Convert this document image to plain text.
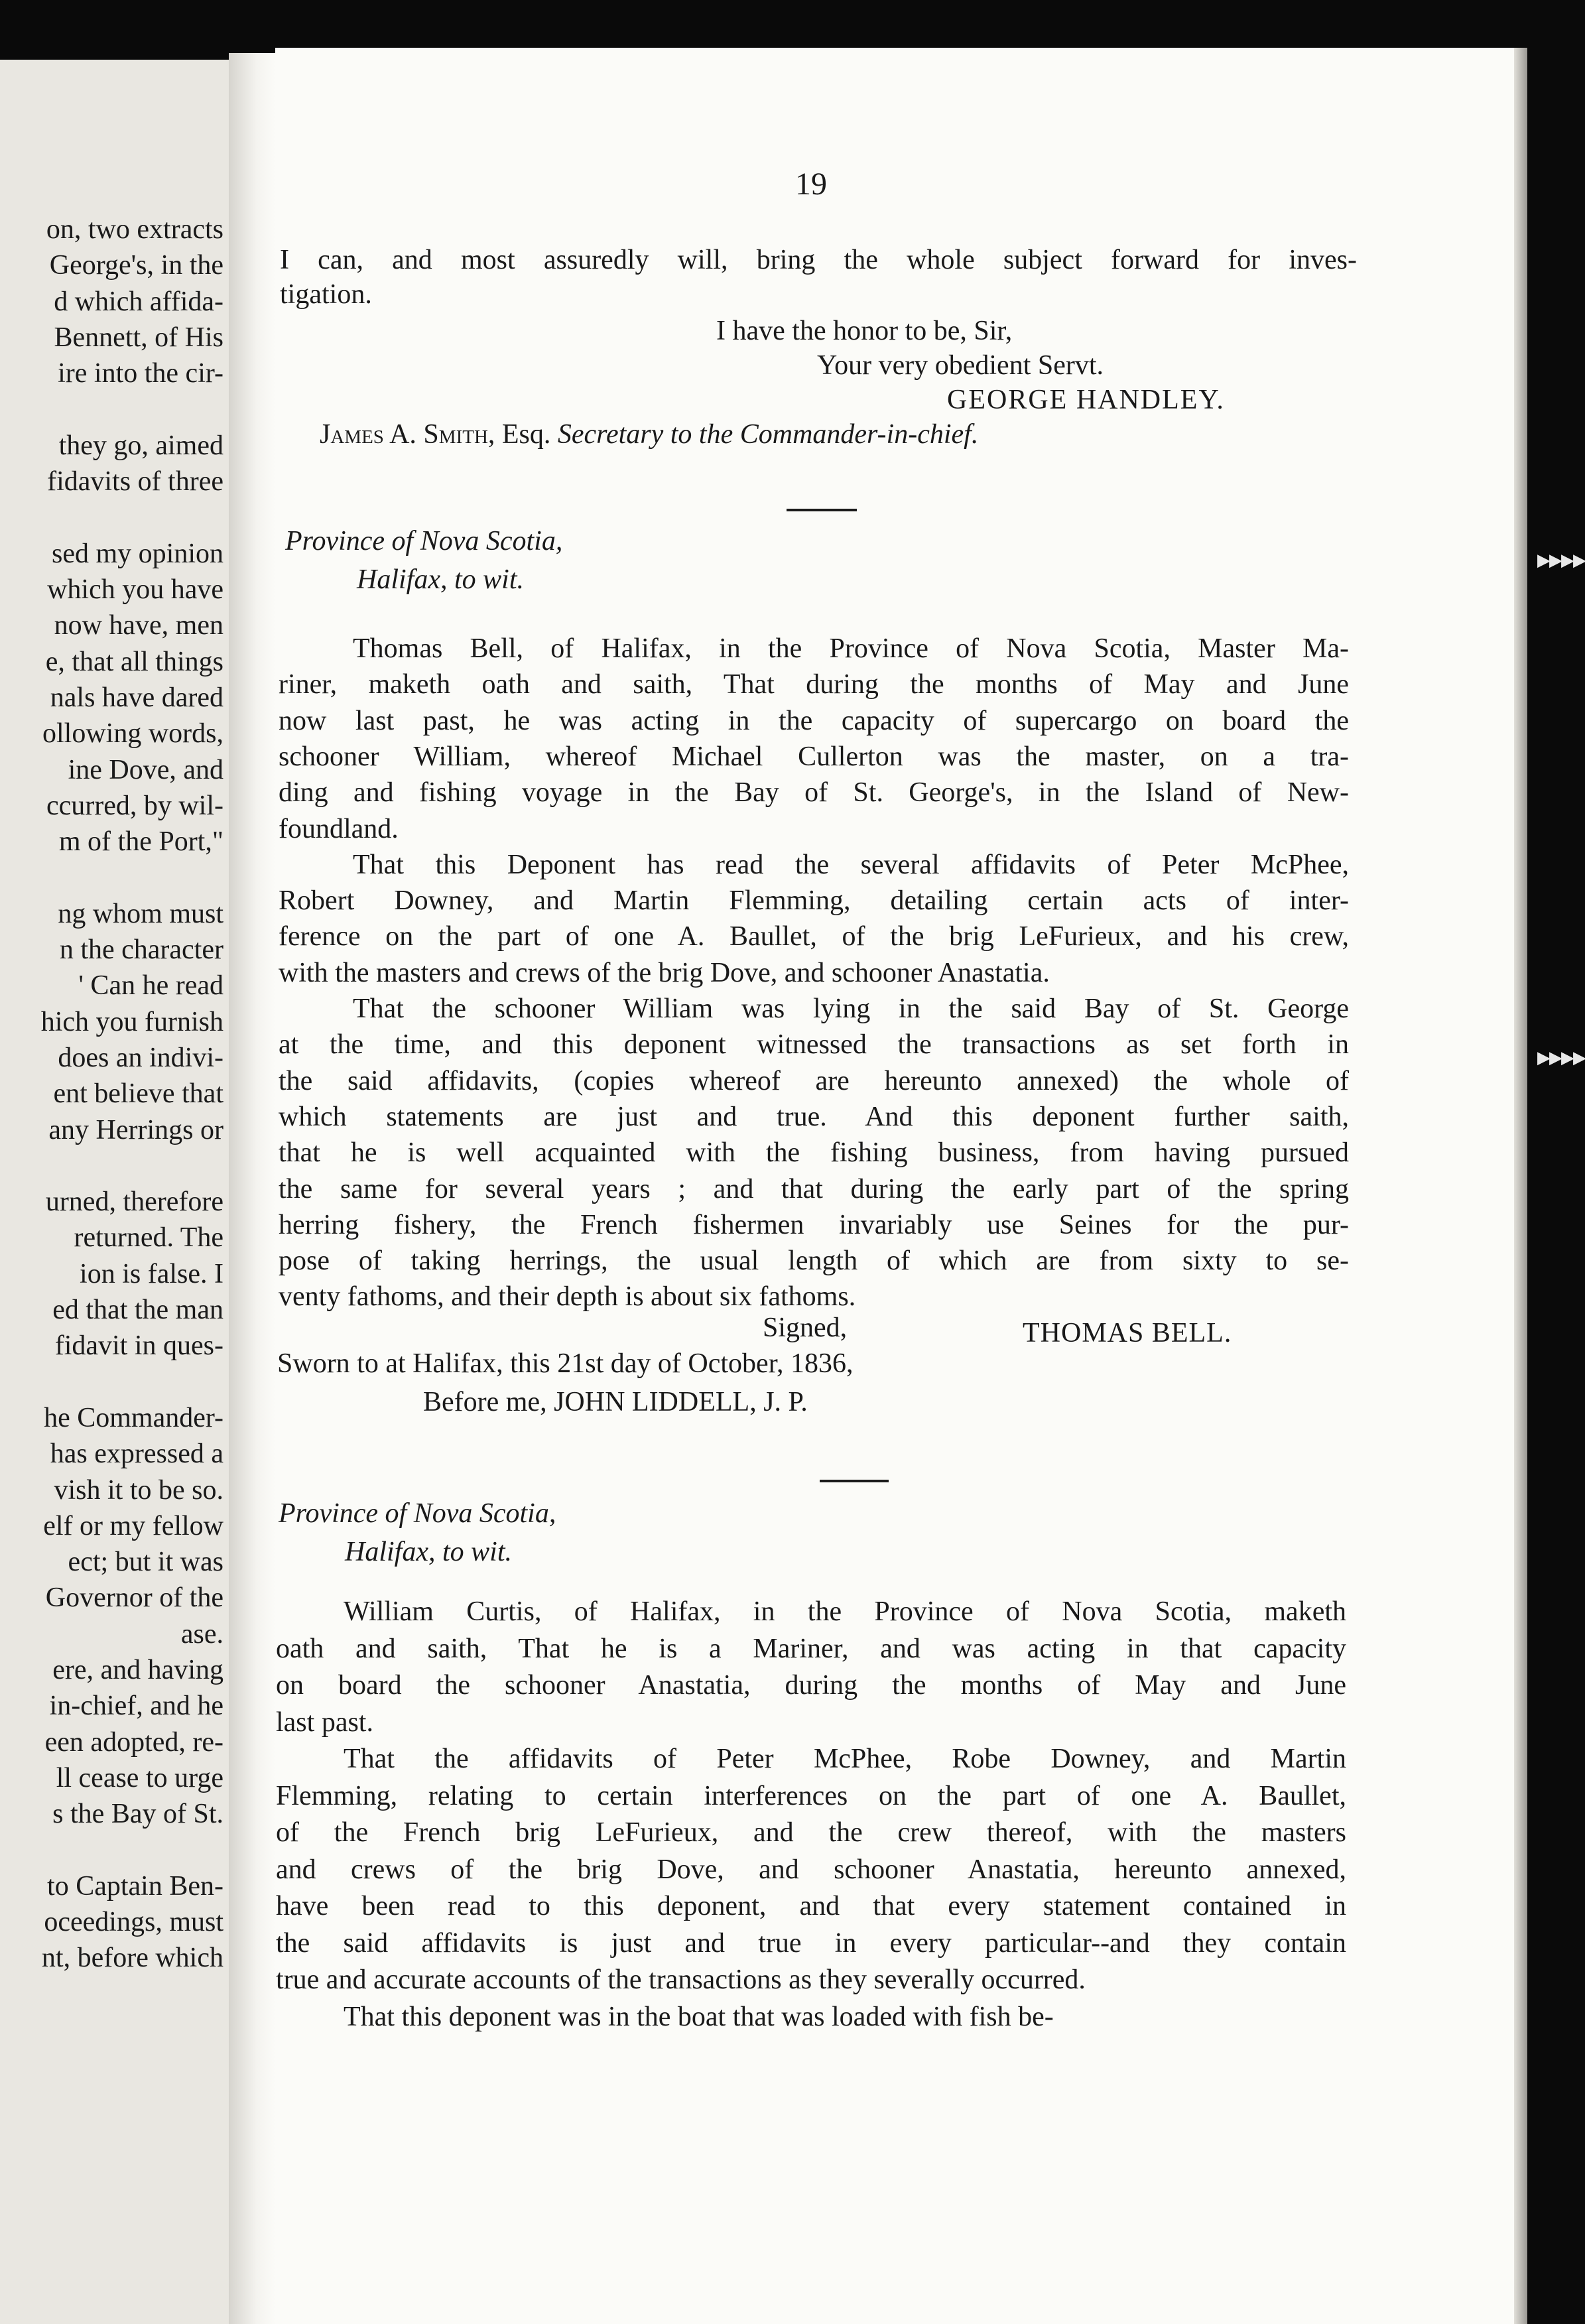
on, two extracts
George's, in the
d which affida-
Bennett, of His
ire into the cir-
they go, aimed
fidavits of three
sed my opinion
which you have
now have, men
e, that all things
nals have dared
ollowing words,
ine Dove, and
ccurred, by wil-
m of the Port,"
ng whom must
n the character
' Can he read
hich you furnish
does an indivi-
ent believe that
any Herrings or
urned, therefore
returned. The
ion is false. I
ed that the man
fidavit in ques-
he Commander-
has expressed a
vish it to be so.
elf or my fellow
ect; but it was
Governor of the
ase.
ere, and having
in-chief, and he
een adopted, re-
ll cease to urge
s the Bay of St.
to Captain Ben-
oceedings, must
nt, before which
▶▶▶▶
▶▶▶▶
19
I can, and most assuredly will, bring the whole subject forward for inves-
tigation.
I have the honor to be, Sir,
Your very obedient Servt.
GEORGE HANDLEY.
James A. Smith, Esq. Secretary to the Commander-in-chief.
Province of Nova Scotia,
Halifax, to wit.
Thomas Bell, of Halifax, in the Province of Nova Scotia, Master Ma-
riner, maketh oath and saith, That during the months of May and June
now last past, he was acting in the capacity of supercargo on board the
schooner William, whereof Michael Cullerton was the master, on a tra-
ding and fishing voyage in the Bay of St. George's, in the Island of New-
foundland.
That this Deponent has read the several affidavits of Peter McPhee,
Robert Downey, and Martin Flemming, detailing certain acts of inter-
ference on the part of one A. Baullet, of the brig LeFurieux, and his crew,
with the masters and crews of the brig Dove, and schooner Anastatia.
That the schooner William was lying in the said Bay of St. George
at the time, and this deponent witnessed the transactions as set forth in
the said affidavits, (copies whereof are hereunto annexed) the whole of
which statements are just and true. And this deponent further saith,
that he is well acquainted with the fishing business, from having pursued
the same for several years ; and that during the early part of the spring
herring fishery, the French fishermen invariably use Seines for the pur-
pose of taking herrings, the usual length of which are from sixty to se-
venty fathoms, and their depth is about six fathoms.
Signed,	THOMAS BELL.
Sworn to at Halifax, this 21st day of October, 1836,
Before me, JOHN LIDDELL, J. P.
Province of Nova Scotia,
Halifax, to wit.
William Curtis, of Halifax, in the Province of Nova Scotia, maketh
oath and saith, That he is a Mariner, and was acting in that capacity
on board the schooner Anastatia, during the months of May and June
last past.
That the affidavits of Peter McPhee, Robe Downey, and Martin
Flemming, relating to certain interferences on the part of one A. Baullet,
of the French brig LeFurieux, and the crew thereof, with the masters
and crews of the brig Dove, and schooner Anastatia, hereunto annexed,
have been read to this deponent, and that every statement contained in
the said affidavits is just and true in every particular--and they contain
true and accurate accounts of the transactions as they severally occurred.
That this deponent was in the boat that was loaded with fish be-
